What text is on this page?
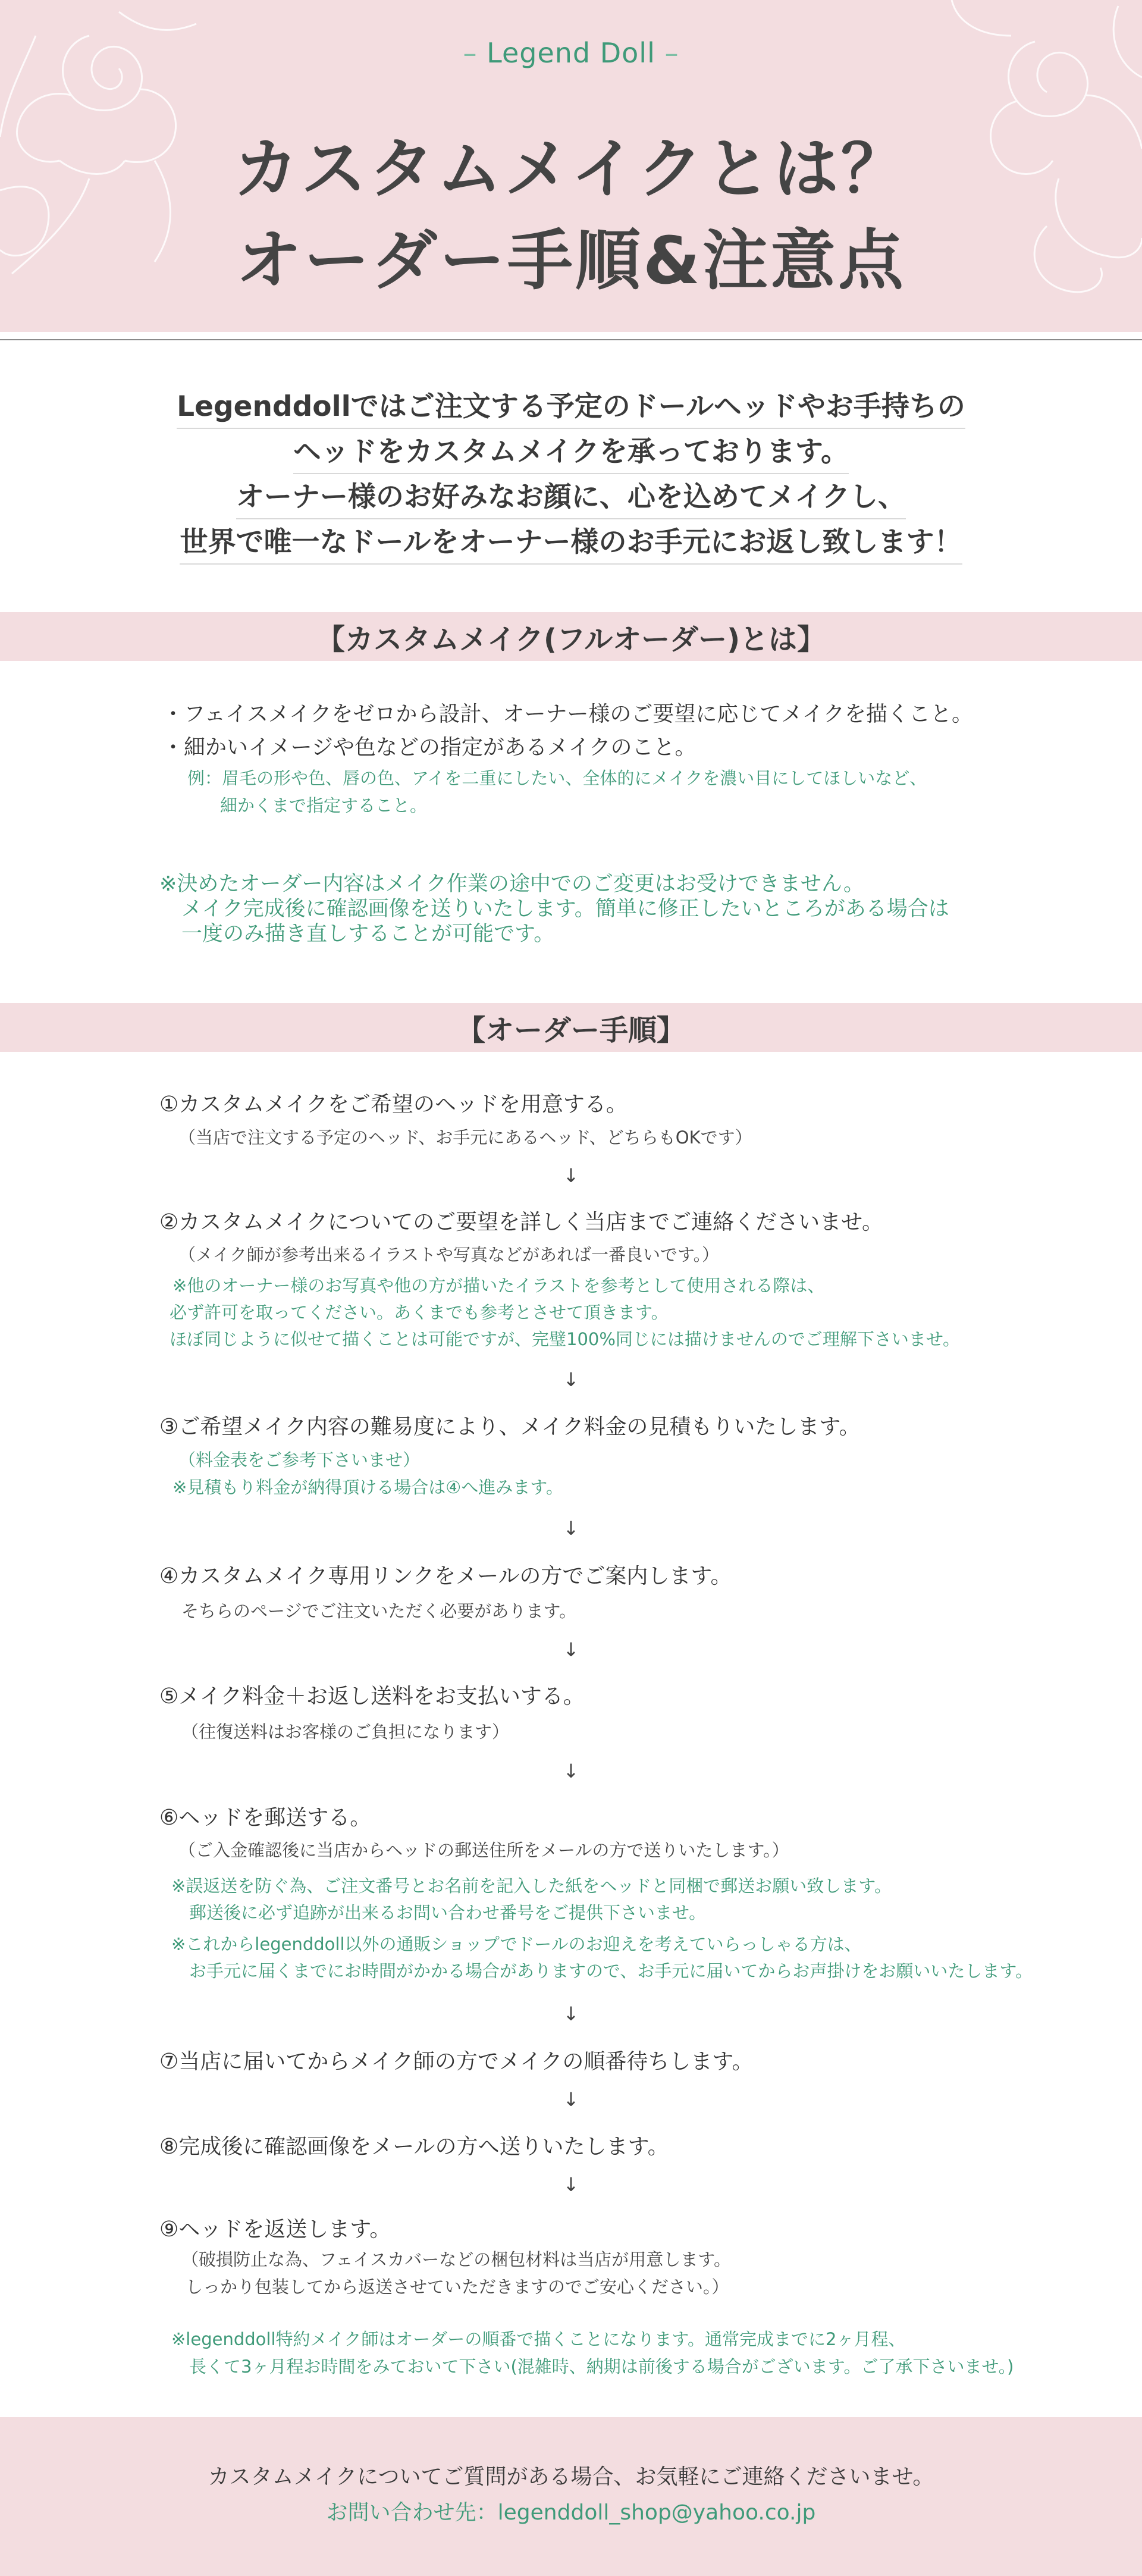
– Legend Doll –
カスタムメイクとは？
オーダー手順&注意点
Legenddollではご注文する予定のドールヘッドやお手持ちの
ヘッドをカスタムメイクを承っております。
オーナー様のお好みなお顔に、心を込めてメイクし、
世界で唯一なドールをオーナー様のお手元にお返し致します！
【カスタムメイク(フルオーダー)とは】
・フェイスメイクをゼロから設計、オーナー様のご要望に応じてメイクを描くこと。
・細かいイメージや色などの指定があるメイクのこと。
例：眉毛の形や色、唇の色、アイを二重にしたい、全体的にメイクを濃い目にしてほしいなど、
細かくまで指定すること。
※決めたオーダー内容はメイク作業の途中でのご変更はお受けできません。
メイク完成後に確認画像を送りいたします。簡単に修正したいところがある場合は
一度のみ描き直しすることが可能です。
【オーダー手順】
①カスタムメイクをご希望のヘッドを用意する。
（当店で注文する予定のヘッド、お手元にあるヘッド、どちらもOKです）
↓
②カスタムメイクについてのご要望を詳しく当店までご連絡くださいませ。
（メイク師が参考出来るイラストや写真などがあれば一番良いです。）
※他のオーナー様のお写真や他の方が描いたイラストを参考として使用される際は、
必ず許可を取ってください。あくまでも参考とさせて頂きます。
ほぼ同じように似せて描くことは可能ですが、完璧100%同じには描けませんのでご理解下さいませ。
↓
③ご希望メイク内容の難易度により、メイク料金の見積もりいたします。
（料金表をご参考下さいませ）
※見積もり料金が納得頂ける場合は④へ進みます。
↓
④カスタムメイク専用リンクをメールの方でご案内します。
そちらのページでご注文いただく必要があります。
↓
⑤メイク料金＋お返し送料をお支払いする。
（往復送料はお客様のご負担になります）
↓
⑥ヘッドを郵送する。
（ご入金確認後に当店からヘッドの郵送住所をメールの方で送りいたします。）
※誤返送を防ぐ為、ご注文番号とお名前を記入した紙をヘッドと同梱で郵送お願い致します。
郵送後に必ず追跡が出来るお問い合わせ番号をご提供下さいませ。
※これからlegenddoll以外の通販ショップでドールのお迎えを考えていらっしゃる方は、
お手元に届くまでにお時間がかかる場合がありますので、お手元に届いてからお声掛けをお願いいたします。
↓
⑦当店に届いてからメイク師の方でメイクの順番待ちします。
↓
⑧完成後に確認画像をメールの方へ送りいたします。
↓
⑨ヘッドを返送します。
（破損防止な為、フェイスカバーなどの梱包材料は当店が用意します。
しっかり包装してから返送させていただきますのでご安心ください。）
※legenddoll特約メイク師はオーダーの順番で描くことになります。通常完成までに2ヶ月程、
長くて3ヶ月程お時間をみておいて下さい(混雑時、納期は前後する場合がございます。ご了承下さいませ。)
カスタムメイクについてご質問がある場合、お気軽にご連絡くださいませ。
お問い合わせ先：legenddoll_shop@yahoo.co.jp
